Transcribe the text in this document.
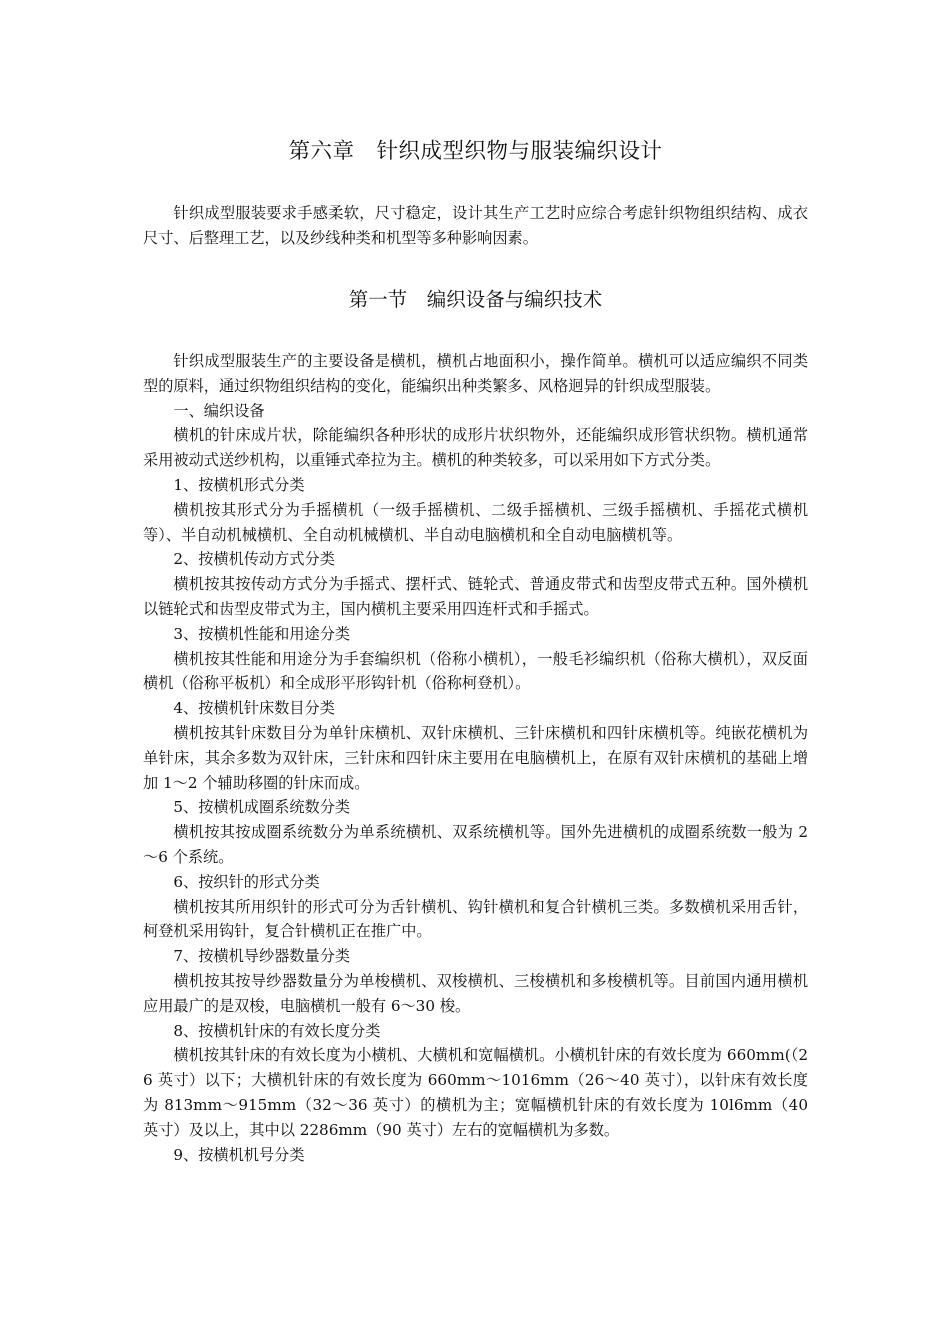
第六章　针织成型织物与服装编织设计

针织成型服装要求手感柔软，尺寸稳定，设计其生产工艺时应综合考虑针织物组织结构、成衣尺寸、后整理工艺，以及纱线种类和机型等多种影响因素。

第一节　编织设备与编织技术

针织成型服装生产的主要设备是横机，横机占地面积小，操作简单。横机可以适应编织不同类型的原料，通过织物组织结构的变化，能编织出种类繁多、风格迥异的针织成型服装。

一、编织设备

横机的针床成片状，除能编织各种形状的成形片状织物外，还能编织成形管状织物。横机通常采用被动式送纱机构，以重锤式牵拉为主。横机的种类较多，可以采用如下方式分类。

1、按横机形式分类

横机按其形式分为手摇横机（一级手摇横机、二级手摇横机、三级手摇横机、手摇花式横机等）、半自动机械横机、全自动机械横机、半自动电脑横机和全自动电脑横机等。

2、按横机传动方式分类

横机按其按传动方式分为手摇式、摆杆式、链轮式、普通皮带式和齿型皮带式五种。国外横机以链轮式和齿型皮带式为主，国内横机主要采用四连杆式和手摇式。

3、按横机性能和用途分类

横机按其性能和用途分为手套编织机（俗称小横机），一般毛衫编织机（俗称大横机），双反面横机（俗称平板机）和全成形平形钩针机（俗称柯登机）。

4、按横机针床数目分类

横机按其针床数目分为单针床横机、双针床横机、三针床横机和四针床横机等。纯嵌花横机为单针床，其余多数为双针床，三针床和四针床主要用在电脑横机上，在原有双针床横机的基础上增加 1～2 个辅助移圈的针床而成。

5、按横机成圈系统数分类

横机按其按成圈系统数分为单系统横机、双系统横机等。国外先进横机的成圈系统数一般为 2～6 个系统。

6、按织针的形式分类

横机按其所用织针的形式可分为舌针横机、钩针横机和复合针横机三类。多数横机采用舌针，柯登机采用钩针，复合针横机正在推广中。

7、按横机导纱器数量分类

横机按其按导纱器数量分为单梭横机、双梭横机、三梭横机和多梭横机等。目前国内通用横机应用最广的是双梭，电脑横机一般有 6～30 梭。

8、按横机针床的有效长度分类

横机按其针床的有效长度为小横机、大横机和宽幅横机。小横机针床的有效长度为 660mm(（26 英寸）以下；大横机针床的有效长度为 660mm～1016mm（26～40 英寸），以针床有效长度为 813mm～915mm（32～36 英寸）的横机为主；宽幅横机针床的有效长度为 10l6mm（40 英寸）及以上，其中以 2286mm（90 英寸）左右的宽幅横机为多数。

9、按横机机号分类
